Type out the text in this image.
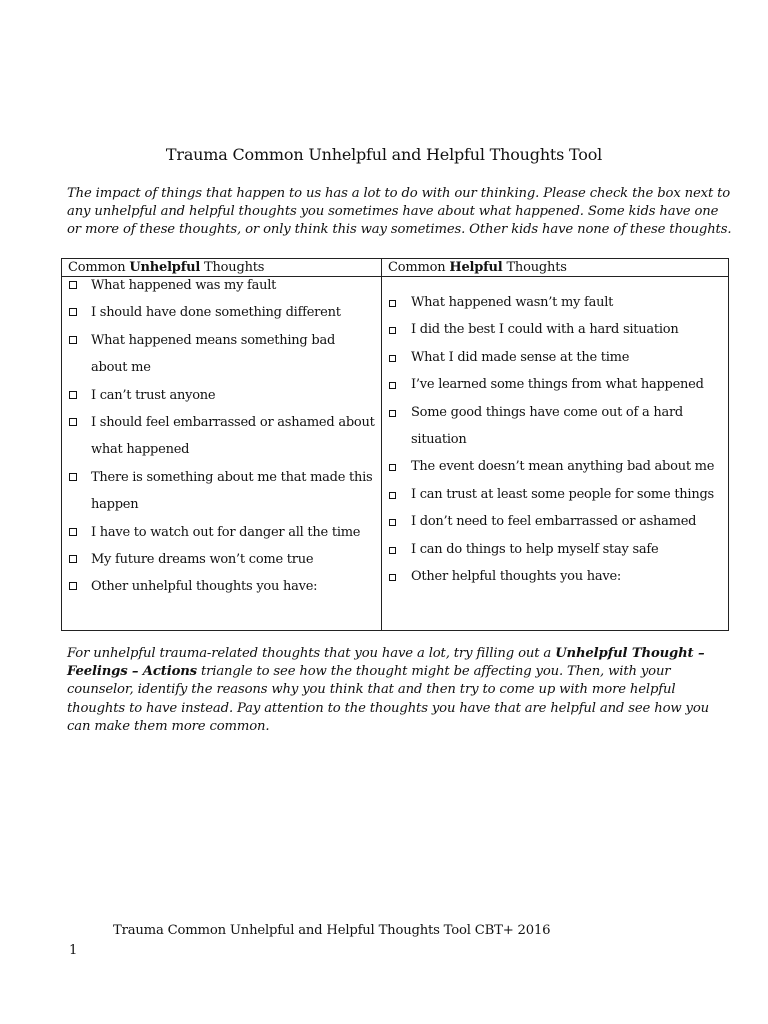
Trauma Common Unhelpful and Helpful Thoughts Tool
The impact of things that happen to us has a lot to do with our thinking. Please check the box next to any unhelpful and helpful thoughts you sometimes have about what happened. Some kids have one or more of these thoughts, or only think this way sometimes. Other kids have none of these thoughts.
Common Unhelpful Thoughts	Common Helpful Thoughts
What happened was my fault
I should have done something different
What happened means something bad about me
I can’t trust anyone
I should feel embarrassed or ashamed about what happened
There is something about me that made this happen
I have to watch out for danger all the time
My future dreams won’t come true
Other unhelpful thoughts you have:
What happened wasn’t my fault
I did the best I could with a hard situation
What I did made sense at the time
I’ve learned some things from what happened
Some good things have come out of a hard situation
The event doesn’t mean anything bad about me
I can trust at least some people for some things
I don’t need to feel embarrassed or ashamed
I can do things to help myself stay safe
Other helpful thoughts you have:
For unhelpful trauma-related thoughts that you have a lot, try filling out a Unhelpful Thought – Feelings – Actions triangle to see how the thought might be affecting you. Then, with your counselor, identify the reasons why you think that and then try to come up with more helpful thoughts to have instead. Pay attention to the thoughts you have that are helpful and see how you can make them more common.
Trauma Common Unhelpful and Helpful Thoughts Tool CBT+ 2016
1
